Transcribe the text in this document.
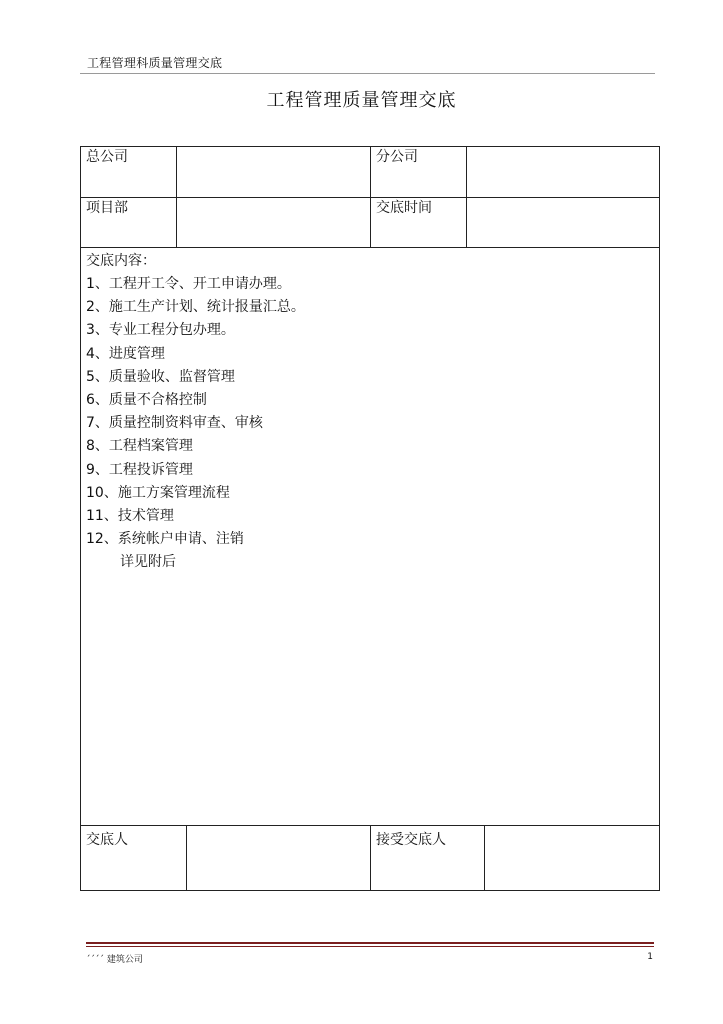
工程管理科质量管理交底
工程管理质量管理交底
总公司	分公司
项目部	交底时间
交底内容：
1、工程开工令、开工申请办理。
2、施工生产计划、统计报量汇总。
3、专业工程分包办理。
4、进度管理
5、质量验收、监督管理
6、质量不合格控制
7、质量控制资料审查、审核
8、工程档案管理
9、工程投诉管理
10、施工方案管理流程
11、技术管理
12、系统帐户申请、注销
详见附后
交底人	接受交底人
´´´´ 建筑公司	1
